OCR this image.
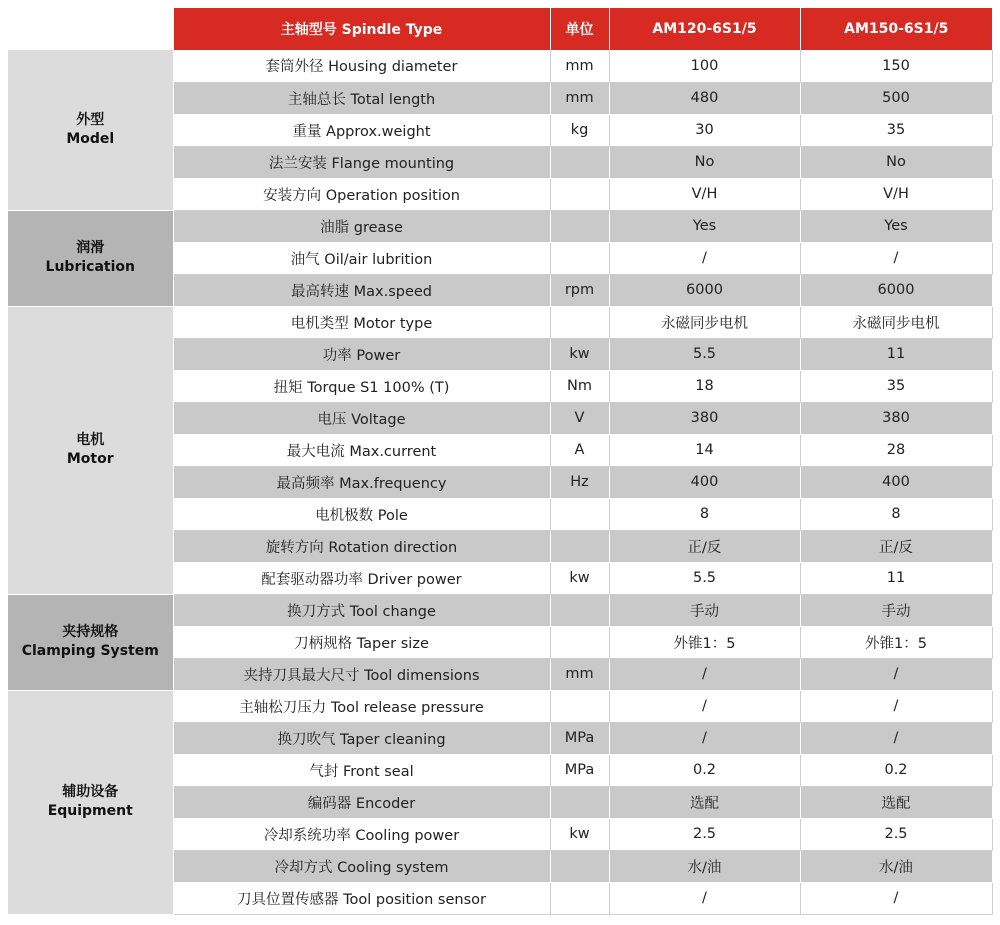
	主轴型号 Spindle Type	单位	AM120-6S1/5	AM150-6S1/5

外型
Model	套筒外径 Housing diameter	mm	100	150
	主轴总长 Total length	mm	480	500
	重量 Approx.weight	kg	30	35
	法兰安装 Flange mounting		No	No
	安装方向 Operation position		V/H	V/H

润滑
Lubrication	油脂 grease		Yes	Yes
	油气 Oil/air lubrition		/	/
	最高转速 Max.speed	rpm	6000	6000

电机
Motor	电机类型 Motor type		永磁同步电机	永磁同步电机
	功率 Power	kw	5.5	11
	扭矩 Torque S1 100% (T)	Nm	18	35
	电压 Voltage	V	380	380
	最大电流 Max.current	A	14	28
	最高频率 Max.frequency	Hz	400	400
	电机极数 Pole		8	8
	旋转方向 Rotation direction		正/反	正/反
	配套驱动器功率 Driver power	kw	5.5	11

夹持规格
Clamping System	换刀方式 Tool change		手动	手动
	刀柄规格 Taper size		外锥1：5	外锥1：5
	夹持刀具最大尺寸 Tool dimensions	mm	/	/

辅助设备
Equipment	主轴松刀压力 Tool release pressure		/	/
	换刀吹气 Taper cleaning	MPa	/	/
	气封 Front seal	MPa	0.2	0.2
	编码器 Encoder		选配	选配
	冷却系统功率 Cooling power	kw	2.5	2.5
	冷却方式 Cooling system		水/油	水/油
	刀具位置传感器 Tool position sensor		/	/
